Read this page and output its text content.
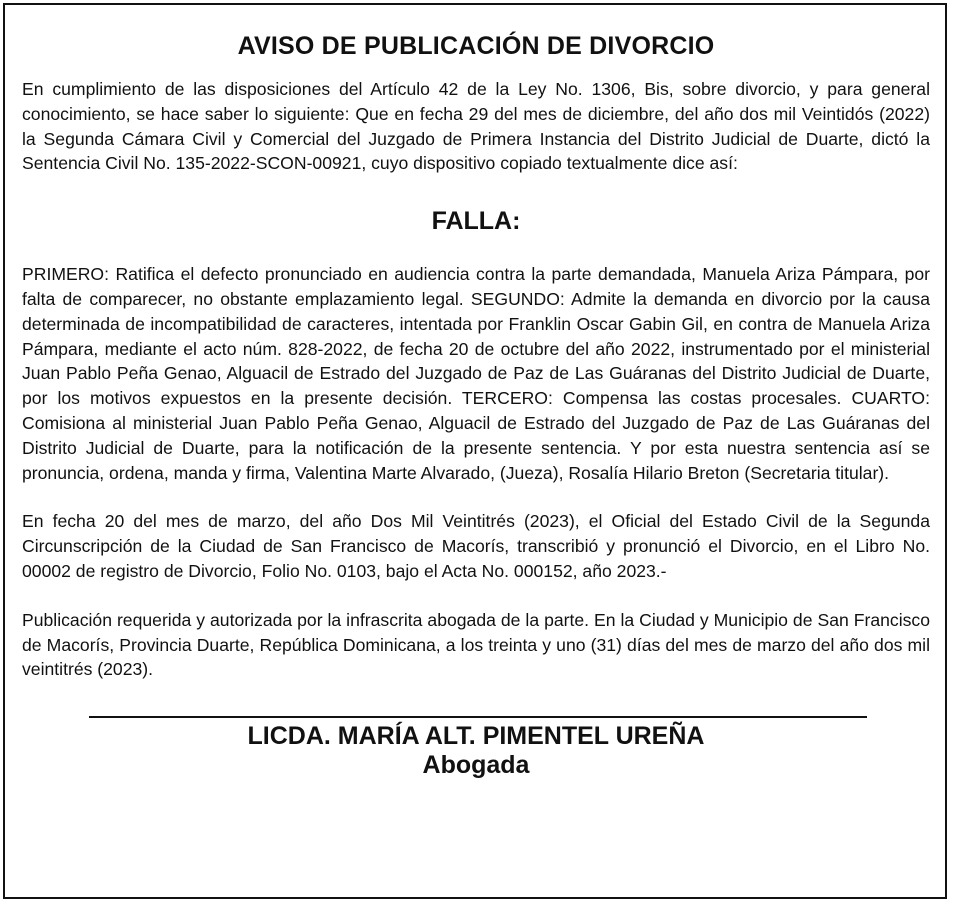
AVISO DE PUBLICACIÓN DE DIVORCIO

En cumplimiento de las disposiciones del Artículo 42 de la Ley No. 1306, Bis, sobre divorcio, y para general conocimiento, se hace saber lo siguiente: Que en fecha 29 del mes de diciembre, del año dos mil Veintidós (2022) la Segunda Cámara Civil y Comercial del Juzgado de Primera Instancia del Distrito Judicial de Duarte, dictó la Sentencia Civil No. 135-2022-SCON-00921, cuyo dispositivo copiado textualmente dice así:

FALLA:

PRIMERO: Ratifica el defecto pronunciado en audiencia contra la parte demandada, Manuela Ariza Pámpara, por falta de comparecer, no obstante emplazamiento legal. SEGUNDO: Admite la demanda en divorcio por la causa determinada de incompatibilidad de caracteres, intentada por Franklin Oscar Gabin Gil, en contra de Manuela Ariza Pámpara, mediante el acto núm. 828-2022, de fecha 20 de octubre del año 2022, instrumentado por el ministerial Juan Pablo Peña Genao, Alguacil de Estrado del Juzgado de Paz de Las Guáranas del Distrito Judicial de Duarte, por los motivos expuestos en la presente decisión. TERCERO: Compensa las costas procesales. CUARTO: Comisiona al ministerial Juan Pablo Peña Genao, Alguacil de Estrado del Juzgado de Paz de Las Guáranas del Distrito Judicial de Duarte, para la notificación de la presente sentencia. Y por esta nuestra sentencia así se pronuncia, ordena, manda y firma, Valentina Marte Alvarado, (Jueza), Rosalía Hilario Breton (Secretaria titular).

En fecha 20 del mes de marzo, del año Dos Mil Veintitrés (2023), el Oficial del Estado Civil de la Segunda Circunscripción de la Ciudad de San Francisco de Macorís, transcribió y pronunció el Divorcio, en el Libro No. 00002 de registro de Divorcio, Folio No. 0103, bajo el Acta No. 000152, año 2023.-

Publicación requerida y autorizada por la infrascrita abogada de la parte. En la Ciudad y Municipio de San Francisco de Macorís, Provincia Duarte, República Dominicana, a los treinta y uno (31) días del mes de marzo del año dos mil veintitrés (2023).

LICDA. MARÍA ALT. PIMENTEL UREÑA

Abogada
